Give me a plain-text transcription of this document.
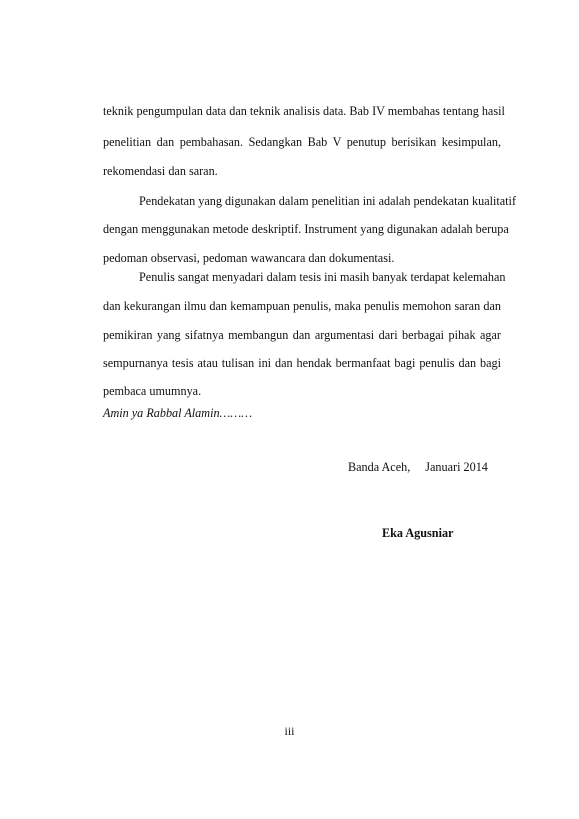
teknik pengumpulan data dan teknik analisis data. Bab IV membahas tentang hasil
penelitian dan pembahasan. Sedangkan Bab V penutup berisikan kesimpulan,
rekomendasi dan saran.
Pendekatan yang digunakan dalam penelitian ini adalah pendekatan kualitatif
dengan menggunakan metode deskriptif. Instrument yang digunakan adalah berupa
pedoman observasi, pedoman wawancara dan dokumentasi.
Penulis sangat menyadari dalam tesis ini masih banyak terdapat kelemahan
dan kekurangan ilmu dan kemampuan penulis, maka penulis memohon saran dan
pemikiran yang sifatnya membangun dan argumentasi dari berbagai pihak agar
sempurnanya tesis atau tulisan ini dan hendak bermanfaat bagi penulis dan bagi
pembaca umumnya.
Amin ya Rabbal Alamin………
Banda Aceh, Januari 2014
Eka Agusniar
iii
